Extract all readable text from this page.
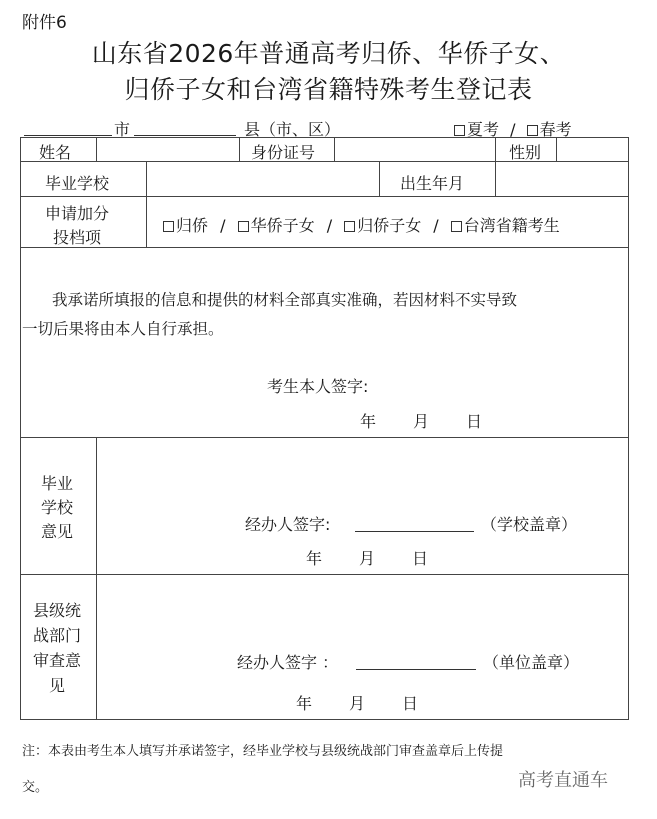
附件6
山东省2026年普通高考归侨、华侨子女、
归侨子女和台湾省籍特殊考生登记表
市	县（市、区）	夏考 / 春考
姓名	身份证号	性别
毕业学校	出生年月
申请加分
投档项
归侨 / 华侨子女 / 归侨子女 / 台湾省籍考生
我承诺所填报的信息和提供的材料全部真实准确，若因材料不实导致
一切后果将由本人自行承担。
考生本人签字:
年 月 日
毕业
学校
意见	经办人签字:	（学校盖章）
年 月 日
县级统
战部门
审查意
见
经办人签字 ：	（单位盖章）
年 月 日
注：本表由考生本人填写并承诺签字，经毕业学校与县级统战部门审查盖章后上传提
交。	高考直通车
